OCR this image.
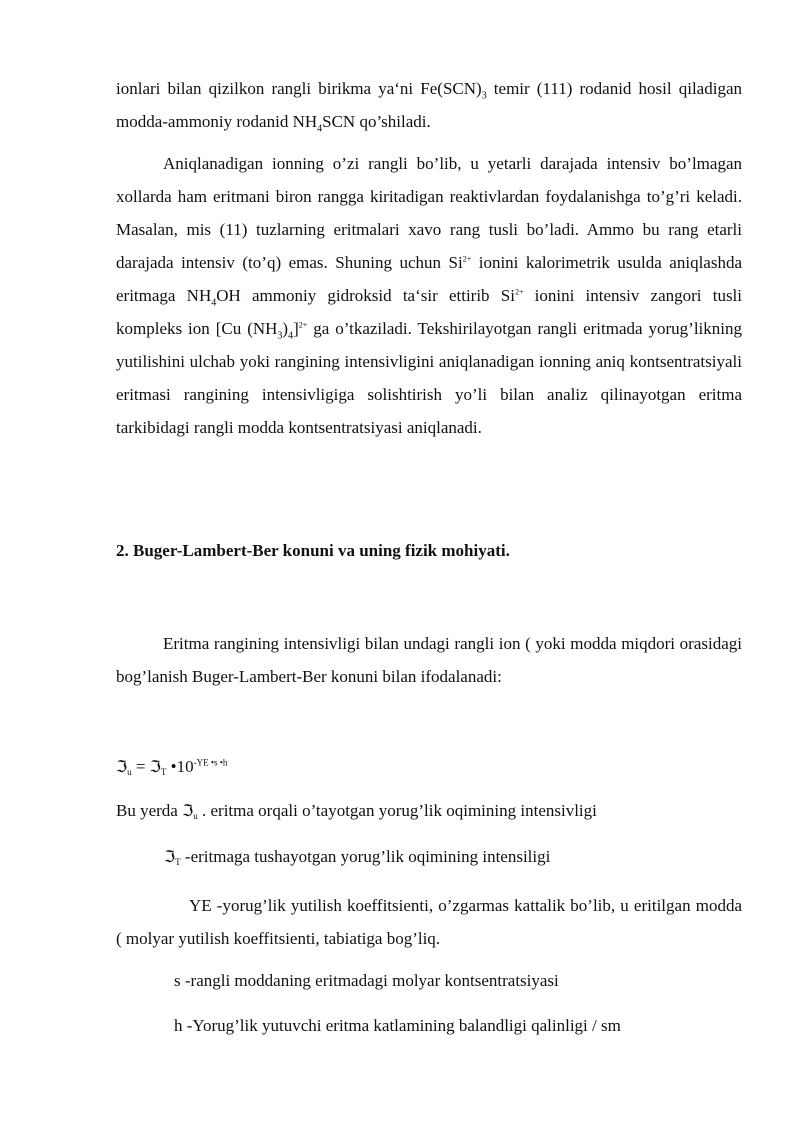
ionlari bilan qizilkon rangli birikma ya‘ni $Fe(SCN)_3$ temir (111) rodanid hosil qiladigan modda-ammoniy rodanid $NH_4SCN$ qo’shiladi.

Aniqlanadigan ionning o’zi rangli bo’lib, u yetarli darajada intensiv bo’lmagan xollarda ham eritmani biron rangga kiritadigan reaktivlardan foydalanishga to’g’ri keladi. Masalan, mis (11) tuzlarning eritmalari xavo rang tusli bo’ladi. Ammo bu rang etarli darajada intensiv (to’q) emas. Shuning uchun $Si^{2+}$ ionini kalorimetrik usulda aniqlashda eritmaga $NH_4OH$ ammoniy gidroksid ta‘sir ettirib $Si^{2+}$ ionini intensiv zangori tusli kompleks ion [Cu $(NH_3)_4]^{2+}$ ga o’tkaziladi. Tekshirilayotgan rangli eritmada yorug’likning yutilishini ulchab yoki rangining intensivligini aniqlanadigan ionning aniq kontsentratsiyali eritmasi rangining intensivligiga solishtirish yo’li bilan analiz qilinayotgan eritma tarkibidagi rangli modda kontsentratsiyasi aniqlanadi.

2. Buger-Lambert-Ber konuni va uning fizik mohiyati.

Eritma rangining intensivligi bilan undagi rangli ion ( yoki modda miqdori orasidagi bog’lanish Buger-Lambert-Ber konuni bilan ifodalanadi:

ℑu = ℑT $•10^{-YE •s •h}$

Bu yerda ℑu . eritma orqali o’tayotgan yorug’lik oqimining intensivligi

ℑT -eritmaga tushayotgan yorug’lik oqimining intensiligi

YE -yorug’lik yutilish koeffitsienti, o’zgarmas kattalik bo’lib, u eritilgan modda ( molyar yutilish koeffitsienti, tabiatiga bog’liq.

s -rangli moddaning eritmadagi molyar kontsentratsiyasi

h -Yorug’lik yutuvchi eritma katlamining balandligi qalinligi / sm
